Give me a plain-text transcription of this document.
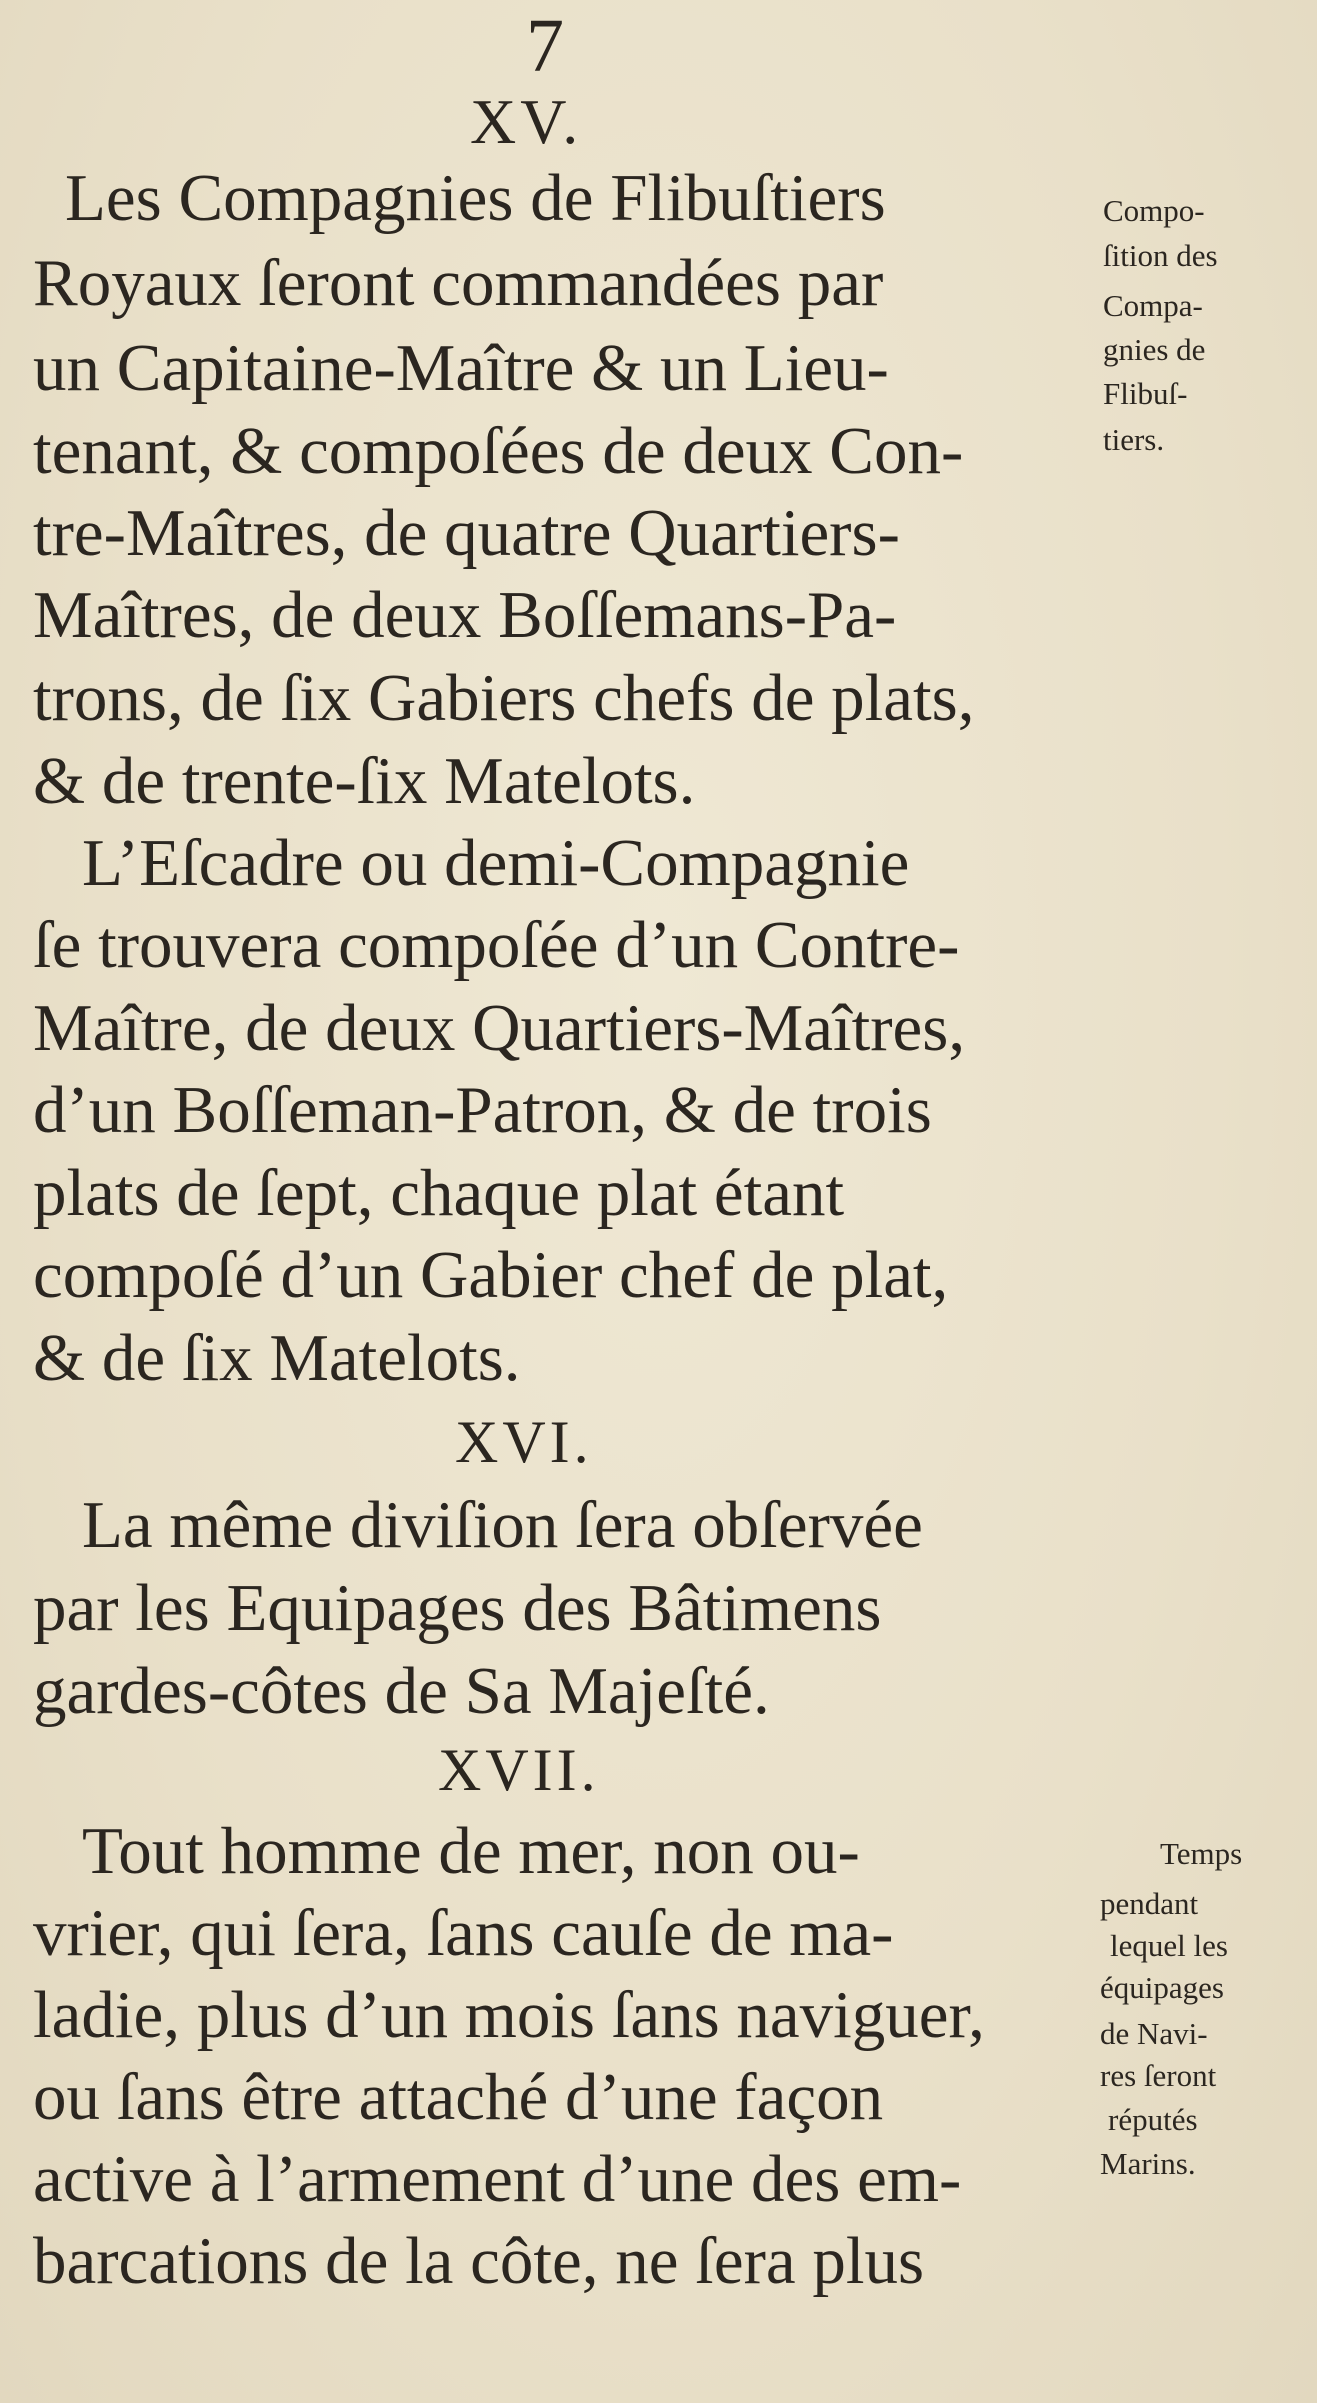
7
XV.
Les Compagnies de Flibuſtiers
Royaux ſeront commandées par
un Capitaine-Maître & un Lieu-
tenant, & compoſées de deux Con-
tre-Maîtres, de quatre Quartiers-
Maîtres, de deux Boſſemans-Pa-
trons, de ſix Gabiers chefs de plats,
& de trente-ſix Matelots.
L’Eſcadre ou demi-Compagnie
ſe trouvera compoſée d’un Contre-
Maître, de deux Quartiers-Maîtres,
d’un Boſſeman-Patron, & de trois
plats de ſept, chaque plat étant
compoſé d’un Gabier chef de plat,
& de ſix Matelots.
XVI.
La même diviſion ſera obſervée
par les Equipages des Bâtimens
gardes-côtes de Sa Majeſté.
XVII.
Tout homme de mer, non ou-
vrier, qui ſera, ſans cauſe de ma-
ladie, plus d’un mois ſans naviguer,
ou ſans être attaché d’une façon
active à l’armement d’une des em-
barcations de la côte, ne ſera plus
Compo-
ſition des
Compa-
gnies de
Flibuſ-
tiers.
Temps
pendant
lequel les
équipages
de Navi-
res ſeront
réputés
Marins.
